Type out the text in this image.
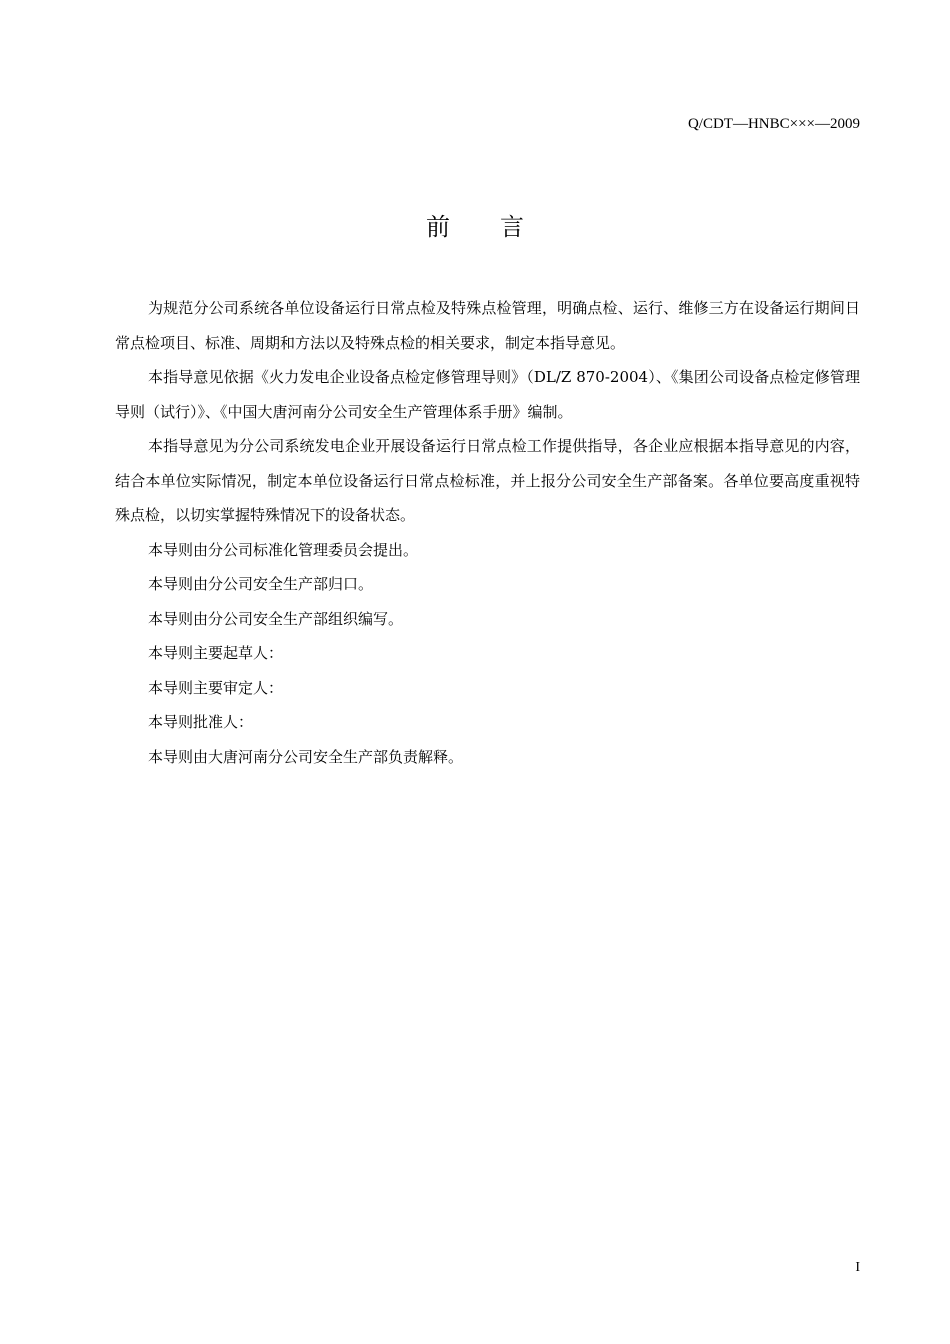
Q/CDT—HNBC×××—2009
前言

为规范分公司系统各单位设备运行日常点检及特殊点检管理，明确点检、运行、维修三方在设备运行期间日常点检项目、标准、周期和方法以及特殊点检的相关要求，制定本指导意见。

本指导意见依据《火力发电企业设备点检定修管理导则》（DL/Z 870-2004）、《集团公司设备点检定修管理导则（试行）》、《中国大唐河南分公司安全生产管理体系手册》编制。

本指导意见为分公司系统发电企业开展设备运行日常点检工作提供指导，各企业应根据本指导意见的内容，结合本单位实际情况，制定本单位设备运行日常点检标准，并上报分公司安全生产部备案。各单位要高度重视特殊点检，以切实掌握特殊情况下的设备状态。

本导则由分公司标准化管理委员会提出。

本导则由分公司安全生产部归口。

本导则由分公司安全生产部组织编写。

本导则主要起草人：

本导则主要审定人：

本导则批准人：

本导则由大唐河南分公司安全生产部负责解释。

I
